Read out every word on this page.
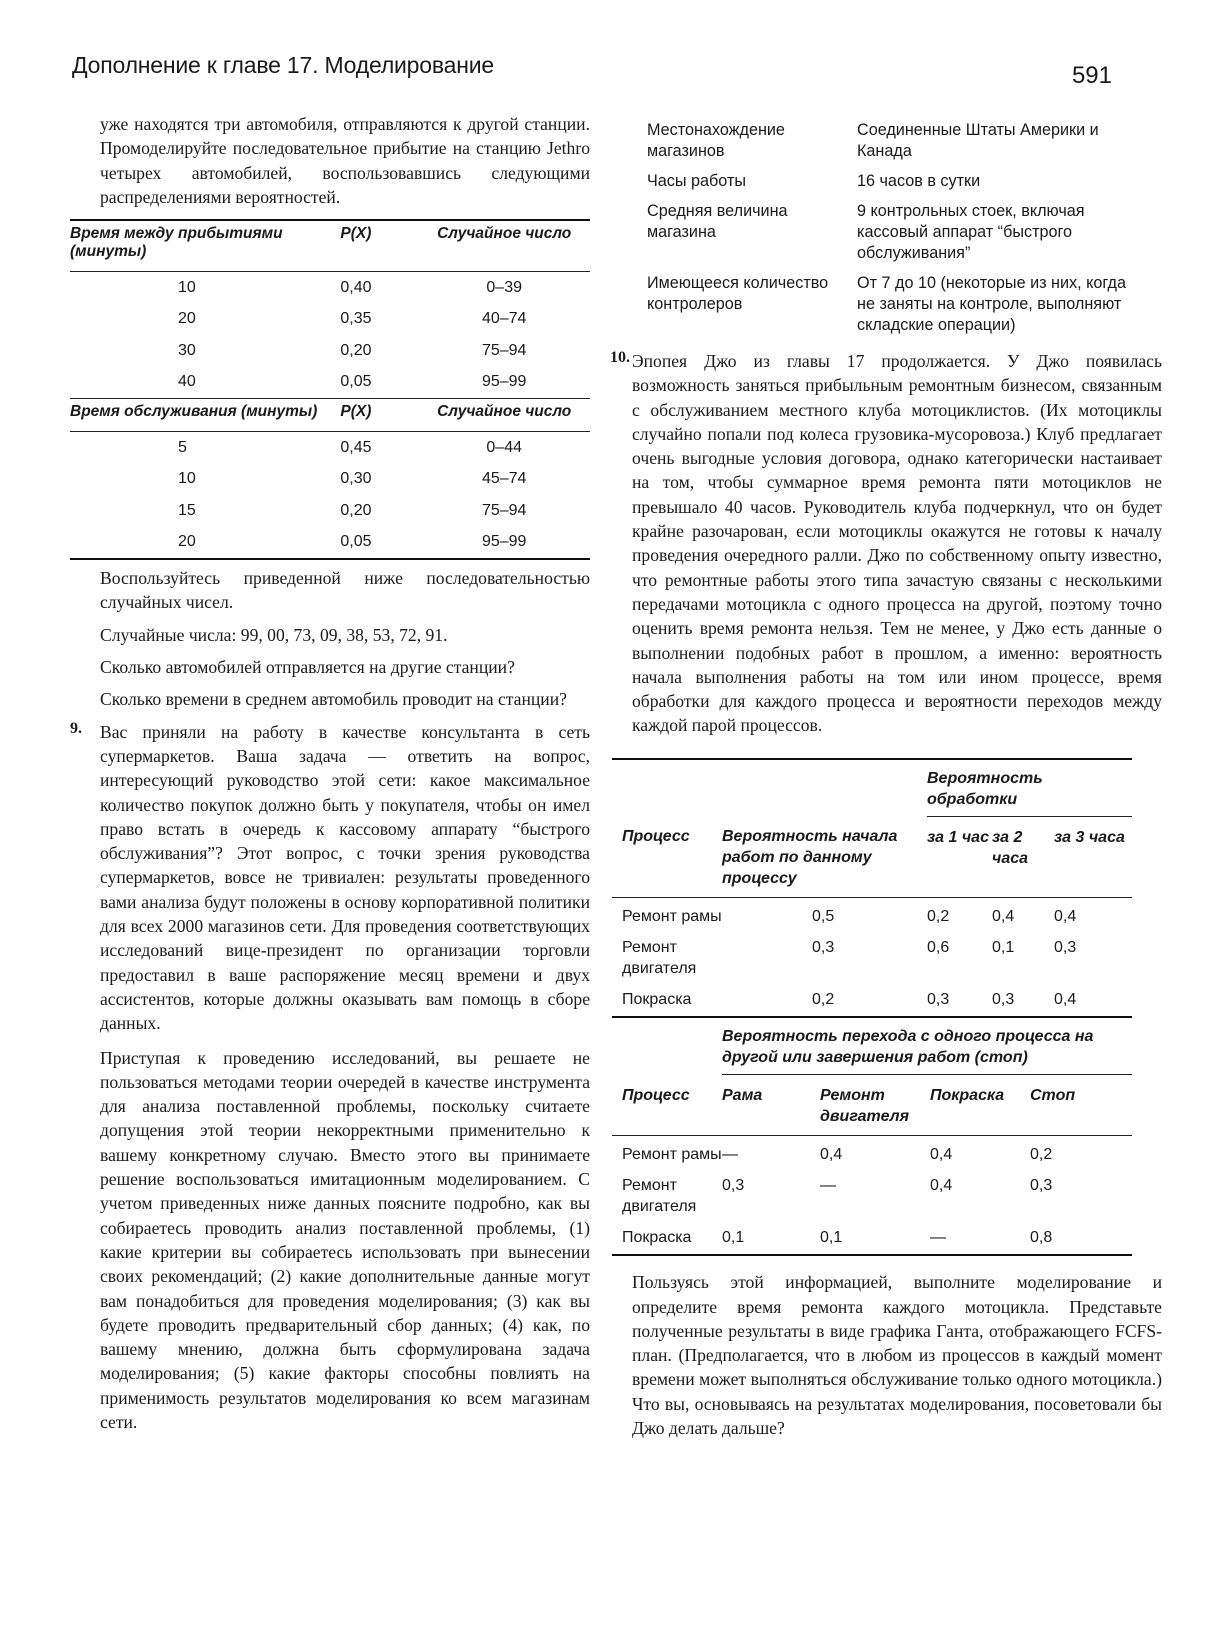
Дополнение к главе 17. Моделирование	591

уже находятся три автомобиля, отправляются к другой станции. Промоделируйте последовательное прибытие на станцию Jethro четырех автомобилей, воспользовавшись следующими распределениями вероятностей.

Время между прибытиями (минуты)	P(X)	Случайное число
10	0,40	0–39
20	0,35	40–74
30	0,20	75–94
40	0,05	95–99
Время обслуживания (минуты)	P(X)	Случайное число
5	0,45	0–44
10	0,30	45–74
15	0,20	75–94
20	0,05	95–99

Воспользуйтесь приведенной ниже последовательностью случайных чисел.

Случайные числа: 99, 00, 73, 09, 38, 53, 72, 91.

Сколько автомобилей отправляется на другие станции?

Сколько времени в среднем автомобиль проводит на станции?

9. Вас приняли на работу в качестве консультанта в сеть супермаркетов. Ваша задача — ответить на вопрос, интересующий руководство этой сети: какое максимальное количество покупок должно быть у покупателя, чтобы он имел право встать в очередь к кассовому аппарату “быстрого обслуживания”? Этот вопрос, с точки зрения руководства супермаркетов, вовсе не тривиален: результаты проведенного вами анализа будут положены в основу корпоративной политики для всех 2000 магазинов сети. Для проведения соответствующих исследований вице-президент по организации торговли предоставил в ваше распоряжение месяц времени и двух ассистентов, которые должны оказывать вам помощь в сборе данных.

Приступая к проведению исследований, вы решаете не пользоваться методами теории очередей в качестве инструмента для анализа поставленной проблемы, поскольку считаете допущения этой теории некорректными применительно к вашему конкретному случаю. Вместо этого вы принимаете решение воспользоваться имитационным моделированием. С учетом приведенных ниже данных поясните подробно, как вы собираетесь проводить анализ поставленной проблемы, (1) какие критерии вы собираетесь использовать при вынесении своих рекомендаций; (2) какие дополнительные данные могут вам понадобиться для проведения моделирования; (3) как вы будете проводить предварительный сбор данных; (4) как, по вашему мнению, должна быть сформулирована задача моделирования; (5) какие факторы способны повлиять на применимость результатов моделирования ко всем магазинам сети.

Местонахождение магазинов	Соединенные Штаты Америки и Канада
Часы работы	16 часов в сутки
Средняя величина магазина	9 контрольных стоек, включая кассовый аппарат “быстрого обслуживания”
Имеющееся количество контролеров	От 7 до 10 (некоторые из них, когда не заняты на контроле, выполняют складские операции)
10. Эпопея Джо из главы 17 продолжается. У Джо появилась возможность заняться прибыльным ремонтным бизнесом, связанным с обслуживанием местного клуба мотоциклистов. (Их мотоциклы случайно попали под колеса грузовика-мусоровоза.) Клуб предлагает очень выгодные условия договора, однако категорически настаивает на том, чтобы суммарное время ремонта пяти мотоциклов не превышало 40 часов. Руководитель клуба подчеркнул, что он будет крайне разочарован, если мотоциклы окажутся не готовы к началу проведения очередного ралли. Джо по собственному опыту известно, что ремонтные работы этого типа зачастую связаны с несколькими передачами мотоцикла с одного процесса на другой, поэтому точно оценить время ремонта нельзя. Тем не менее, у Джо есть данные о выполнении подобных работ в прошлом, а именно: вероятность начала выполнения работы на том или ином процессе, время обработки для каждого процесса и вероятности переходов между каждой парой процессов.

		Вероятность обработки		
Процесс	Вероятность начала работ по данному процессу	за 1 час	за 2 часа	за 3 часа
Ремонт рамы	0,5	0,2	0,4	0,4
Ремонт двигателя	0,3	0,6	0,1	0,3
Покраска	0,2	0,3	0,3	0,4
	Вероятность перехода с одного процесса на другой или завершения работ (стоп)			
Процесс	Рама	Ремонт двигателя	Покраска	Стоп
Ремонт рамы	—	0,4	0,4	0,2
Ремонт двигателя	0,3	—	0,4	0,3
Покраска	0,1	0,1	—	0,8

Пользуясь этой информацией, выполните моделирование и определите время ремонта каждого мотоцикла. Представьте полученные результаты в виде графика Ганта, отображающего FCFS-план. (Предполагается, что в любом из процессов в каждый момент времени может выполняться обслуживание только одного мотоцикла.) Что вы, основываясь на результатах моделирования, посоветовали бы Джо делать дальше?
